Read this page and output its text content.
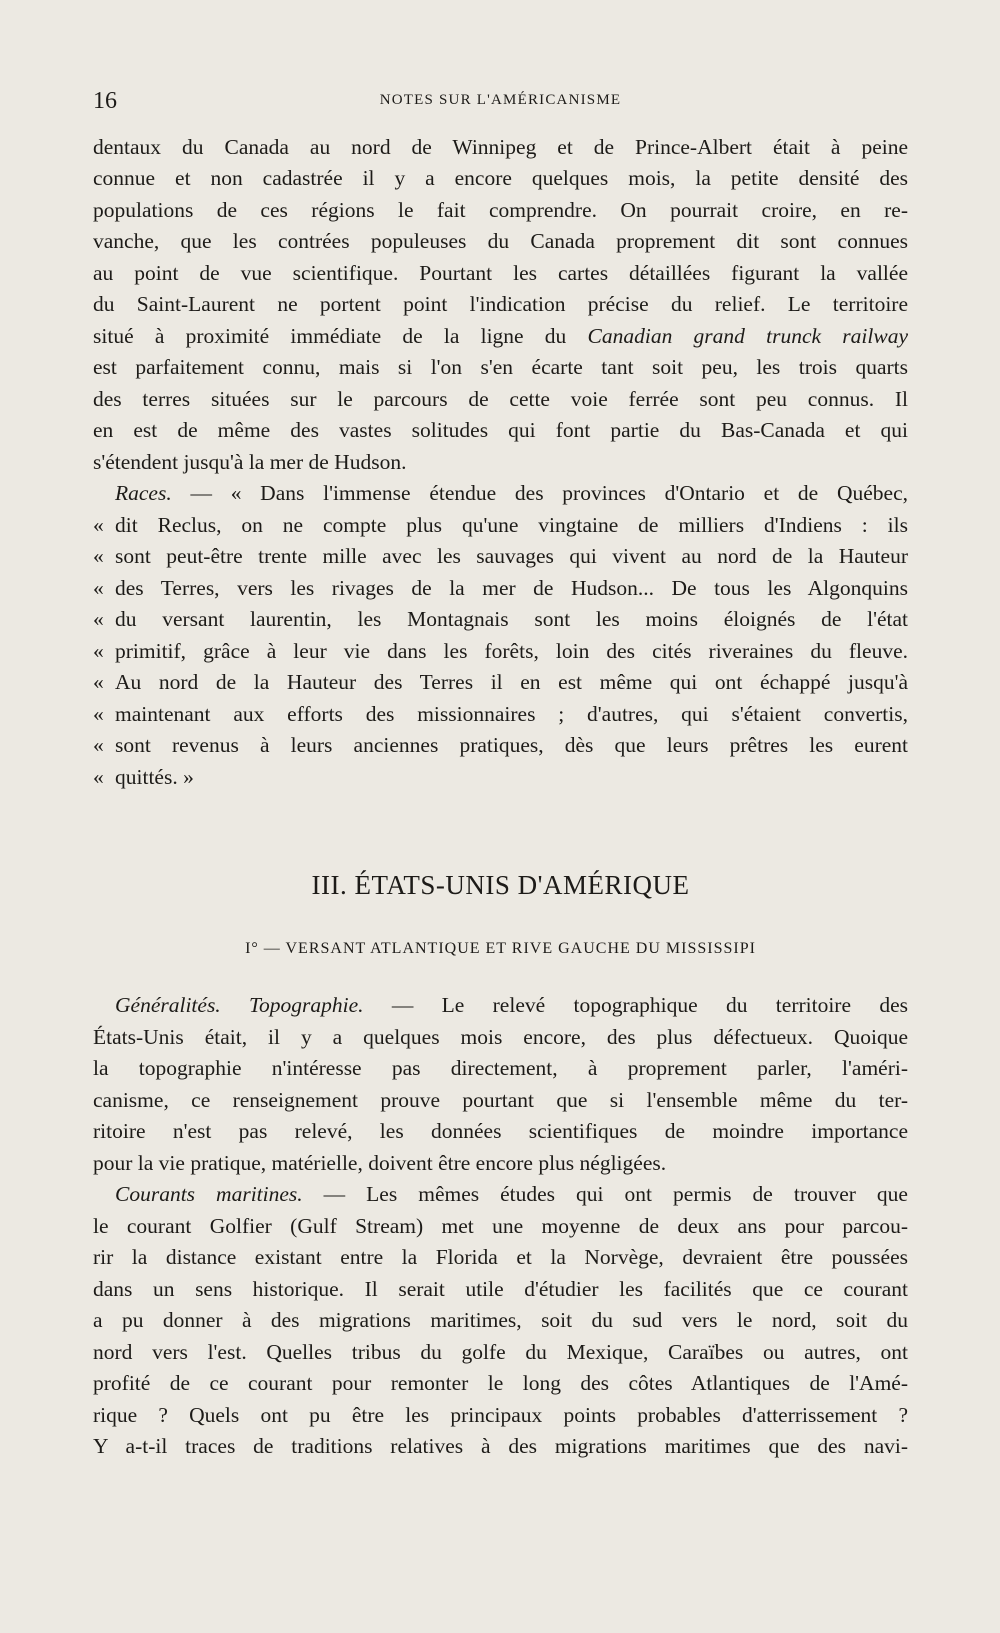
16	NOTES SUR L'AMÉRICANISME
dentaux du Canada au nord de Winnipeg et de Prince-Albert était à peine
connue et non cadastrée il y a encore quelques mois, la petite densité des
populations de ces régions le fait comprendre. On pourrait croire, en re-
vanche, que les contrées populeuses du Canada proprement dit sont connues
au point de vue scientifique. Pourtant les cartes détaillées figurant la vallée
du Saint-Laurent ne portent point l'indication précise du relief. Le territoire
situé à proximité immédiate de la ligne du Canadian grand trunck railway
est parfaitement connu, mais si l'on s'en écarte tant soit peu, les trois quarts
des terres situées sur le parcours de cette voie ferrée sont peu connus. Il
en est de même des vastes solitudes qui font partie du Bas-Canada et qui
s'étendent jusqu'à la mer de Hudson.
Races. — « Dans l'immense étendue des provinces d'Ontario et de Québec,
« dit Reclus, on ne compte plus qu'une vingtaine de milliers d'Indiens : ils
« sont peut-être trente mille avec les sauvages qui vivent au nord de la Hauteur
« des Terres, vers les rivages de la mer de Hudson... De tous les Algonquins
« du versant laurentin, les Montagnais sont les moins éloignés de l'état
« primitif, grâce à leur vie dans les forêts, loin des cités riveraines du fleuve.
« Au nord de la Hauteur des Terres il en est même qui ont échappé jusqu'à
« maintenant aux efforts des missionnaires ; d'autres, qui s'étaient convertis,
« sont revenus à leurs anciennes pratiques, dès que leurs prêtres les eurent
« quittés. »
III. ÉTATS-UNIS D'AMÉRIQUE
I° — VERSANT ATLANTIQUE ET RIVE GAUCHE DU MISSISSIPI
Généralités. Topographie. — Le relevé topographique du territoire des
États-Unis était, il y a quelques mois encore, des plus défectueux. Quoique
la topographie n'intéresse pas directement, à proprement parler, l'améri-
canisme, ce renseignement prouve pourtant que si l'ensemble même du ter-
ritoire n'est pas relevé, les données scientifiques de moindre importance
pour la vie pratique, matérielle, doivent être encore plus négligées.
Courants maritines. — Les mêmes études qui ont permis de trouver que
le courant Golfier (Gulf Stream) met une moyenne de deux ans pour parcou-
rir la distance existant entre la Florida et la Norvège, devraient être poussées
dans un sens historique. Il serait utile d'étudier les facilités que ce courant
a pu donner à des migrations maritimes, soit du sud vers le nord, soit du
nord vers l'est. Quelles tribus du golfe du Mexique, Caraïbes ou autres, ont
profité de ce courant pour remonter le long des côtes Atlantiques de l'Amé-
rique ? Quels ont pu être les principaux points probables d'atterrissement ?
Y a-t-il traces de traditions relatives à des migrations maritimes que des navi-
